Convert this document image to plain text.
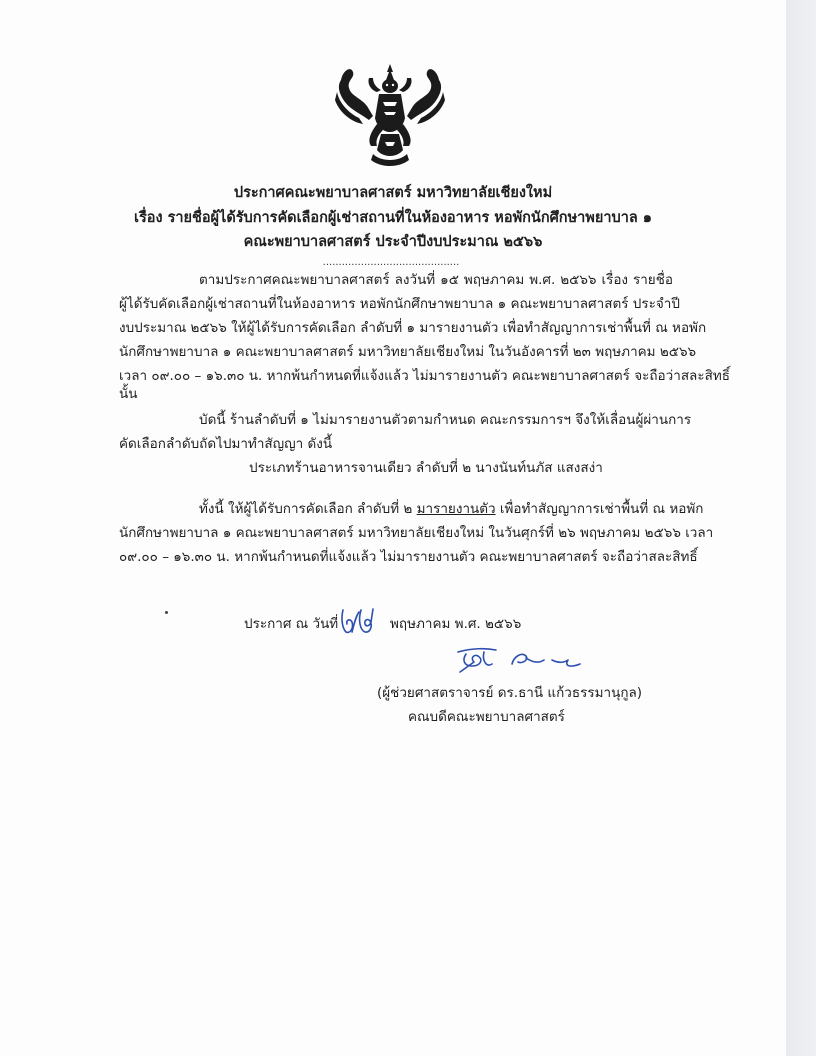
ประกาศคณะพยาบาลศาสตร์ มหาวิทยาลัยเชียงใหม่
เรื่อง รายชื่อผู้ได้รับการคัดเลือกผู้เช่าสถานที่ในห้องอาหาร หอพักนักศึกษาพยาบาล ๑
คณะพยาบาลศาสตร์ ประจำปีงบประมาณ ๒๕๖๖
...........................................
ตามประกาศคณะพยาบาลศาสตร์ ลงวันที่ ๑๕ พฤษภาคม พ.ศ. ๒๕๖๖ เรื่อง รายชื่อ
ผู้ได้รับคัดเลือกผู้เช่าสถานที่ในห้องอาหาร หอพักนักศึกษาพยาบาล ๑ คณะพยาบาลศาสตร์ ประจำปี
งบประมาณ ๒๕๖๖ ให้ผู้ได้รับการคัดเลือก ลำดับที่ ๑ มารายงานตัว เพื่อทำสัญญาการเช่าพื้นที่ ณ หอพัก
นักศึกษาพยาบาล ๑ คณะพยาบาลศาสตร์ มหาวิทยาลัยเชียงใหม่ ในวันอังคารที่ ๒๓ พฤษภาคม ๒๕๖๖
เวลา ๐๙.๐๐ – ๑๖.๓๐ น. หากพ้นกำหนดที่แจ้งแล้ว ไม่มารายงานตัว คณะพยาบาลศาสตร์ จะถือว่าสละสิทธิ์
นั้น
บัดนี้ ร้านลำดับที่ ๑ ไม่มารายงานตัวตามกำหนด คณะกรรมการฯ จึงให้เลื่อนผู้ผ่านการ
คัดเลือกลำดับถัดไปมาทำสัญญา ดังนี้
ประเภทร้านอาหารจานเดียว ลำดับที่ ๒ นางนันท์นภัส แสงสง่า
ทั้งนี้ ให้ผู้ได้รับการคัดเลือก ลำดับที่ ๒ มารายงานตัว เพื่อทำสัญญาการเช่าพื้นที่ ณ หอพัก
นักศึกษาพยาบาล ๑ คณะพยาบาลศาสตร์ มหาวิทยาลัยเชียงใหม่ ในวันศุกร์ที่ ๒๖ พฤษภาคม ๒๕๖๖ เวลา
๐๙.๐๐ – ๑๖.๓๐ น. หากพ้นกำหนดที่แจ้งแล้ว ไม่มารายงานตัว คณะพยาบาลศาสตร์ จะถือว่าสละสิทธิ์
ประกาศ ณ วันที่	พฤษภาคม พ.ศ. ๒๕๖๖
(ผู้ช่วยศาสตราจารย์ ดร.ธานี แก้วธรรมานุกูล)
คณบดีคณะพยาบาลศาสตร์
